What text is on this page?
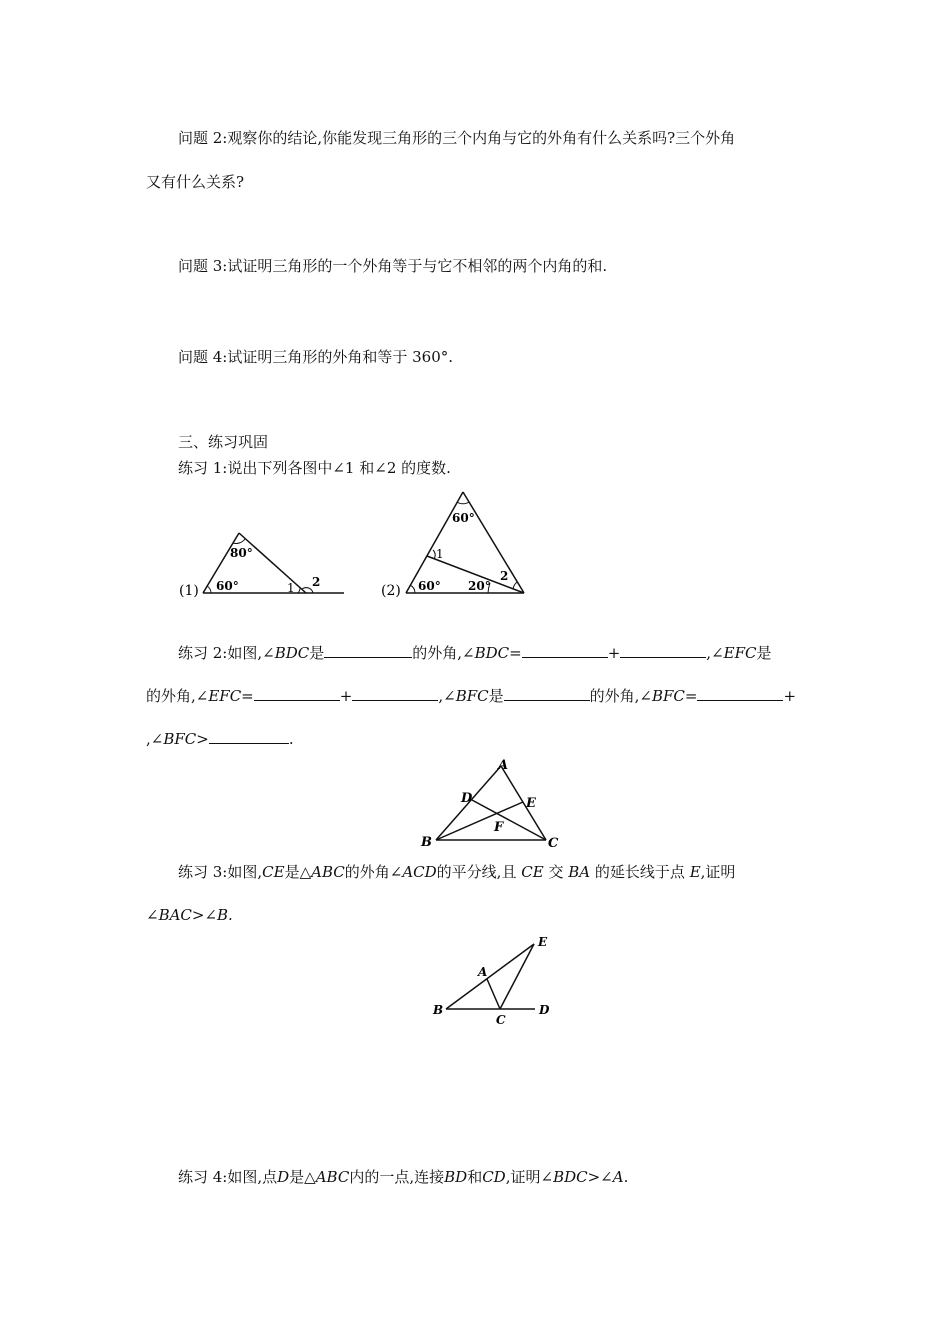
问题 2:观察你的结论,你能发现三角形的三个内角与它的外角有什么关系吗?三个外角
又有什么关系?
问题 3:试证明三角形的一个外角等于与它不相邻的两个内角的和.
问题 4:试证明三角形的外角和等于 360°.
三、练习巩固
练习 1:说出下列各图中∠1 和∠2 的度数.
(1)
80°
60°	1 2
(2)
60°
60° 20°
1
2
练习 2:如图,∠BDC是	的外角,∠BDC=	+	,∠EFC是
的外角,∠EFC=	+	,∠BFC是	的外角,∠BFC=	+
,∠BFC>	.
A
B	C
D	E
F
练习 3:如图,CE是△ABC的外角∠ACD的平分线,且 CE 交 BA 的延长线于点 E,证明
∠BAC>∠B.
E
A
B
C
D
练习 4:如图,点D是△ABC内的一点,连接BD和CD,证明∠BDC>∠A.
